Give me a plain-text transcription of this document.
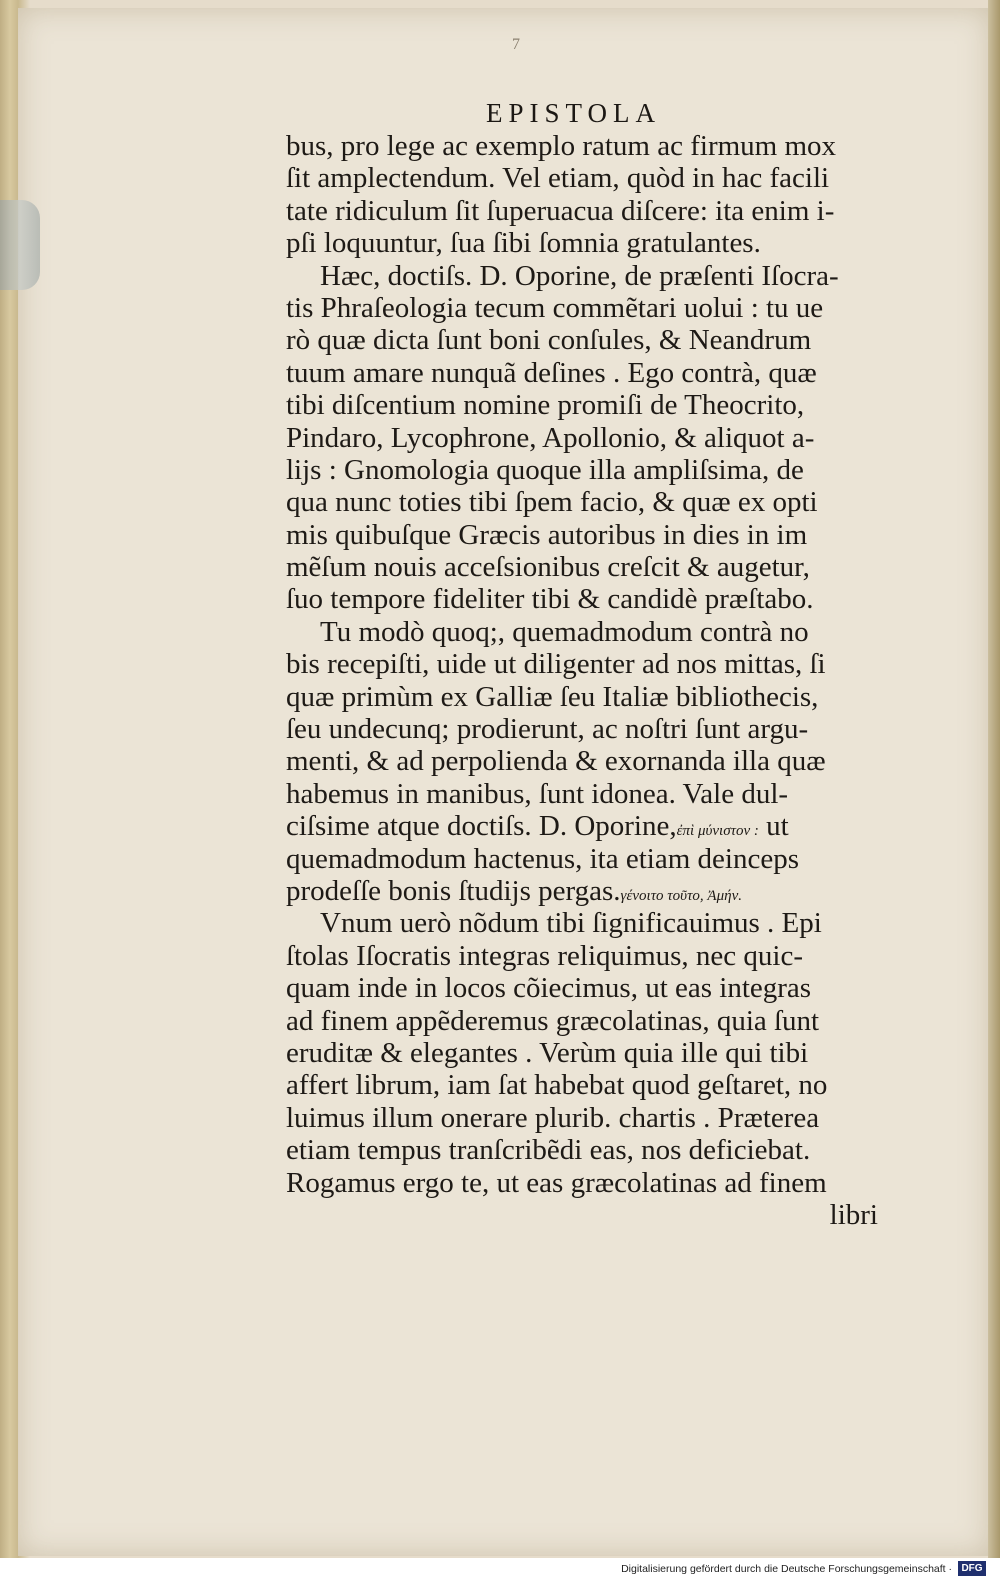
7
EPISTOLA
bus, pro lege ac exemplo ratum ac firmum mox
ſit amplectendum. Vel etiam, quòd in hac facili
tate ridiculum ſit ſuperuacua diſcere: ita enim i-
pſi loquuntur, ſua ſibi ſomnia gratulantes.
Hæc, doctiſs. D. Oporine, de præſenti Iſocra-
tis Phraſeologia tecum commẽtari uolui : tu ue
rò quæ dicta ſunt boni conſules, & Neandrum
tuum amare nunquã deſines . Ego contrà, quæ
tibi diſcentium nomine promiſi de Theocrito,
Pindaro, Lycophrone, Apollonio, & aliquot a-
lijs : Gnomologia quoque illa ampliſsima, de
qua nunc toties tibi ſpem facio, & quæ ex opti
mis quibuſque Græcis autoribus in dies in im
mẽſum nouis acceſsionibus creſcit & augetur,
ſuo tempore fideliter tibi & candidè præſtabo.
Tu modò quoq;, quemadmodum contrà no
bis recepiſti, uide ut diligenter ad nos mittas, ſi
quæ primùm ex Galliæ ſeu Italiæ bibliothecis,
ſeu undecunq; prodierunt, ac noſtri ſunt argu-
menti, & ad perpolienda & exornanda illa quæ
habemus in manibus, ſunt idonea. Vale dul-
ciſsime atque doctiſs. D. Oporine,ἐπὶ μύνιστον : ut
quemadmodum hactenus, ita etiam deinceps
prodeſſe bonis ſtudijs pergas.γένοιτο τοῦτο, Ἀμήν.
Vnum uerò nõdum tibi ſignificauimus . Epi
ſtolas Iſocratis integras reliquimus, nec quic-
quam inde in locos cõiecimus, ut eas integras
ad finem appẽderemus græcolatinas, quia ſunt
eruditæ & elegantes . Verùm quia ille qui tibi
affert librum, iam ſat habebat quod geſtaret, no
luimus illum onerare plurib. chartis . Præterea
etiam tempus tranſcribẽdi eas, nos deficiebat.
Rogamus ergo te, ut eas græcolatinas ad finem
libri
Digitalisierung gefördert durch die Deutsche Forschungsgemeinschaft · DFG
